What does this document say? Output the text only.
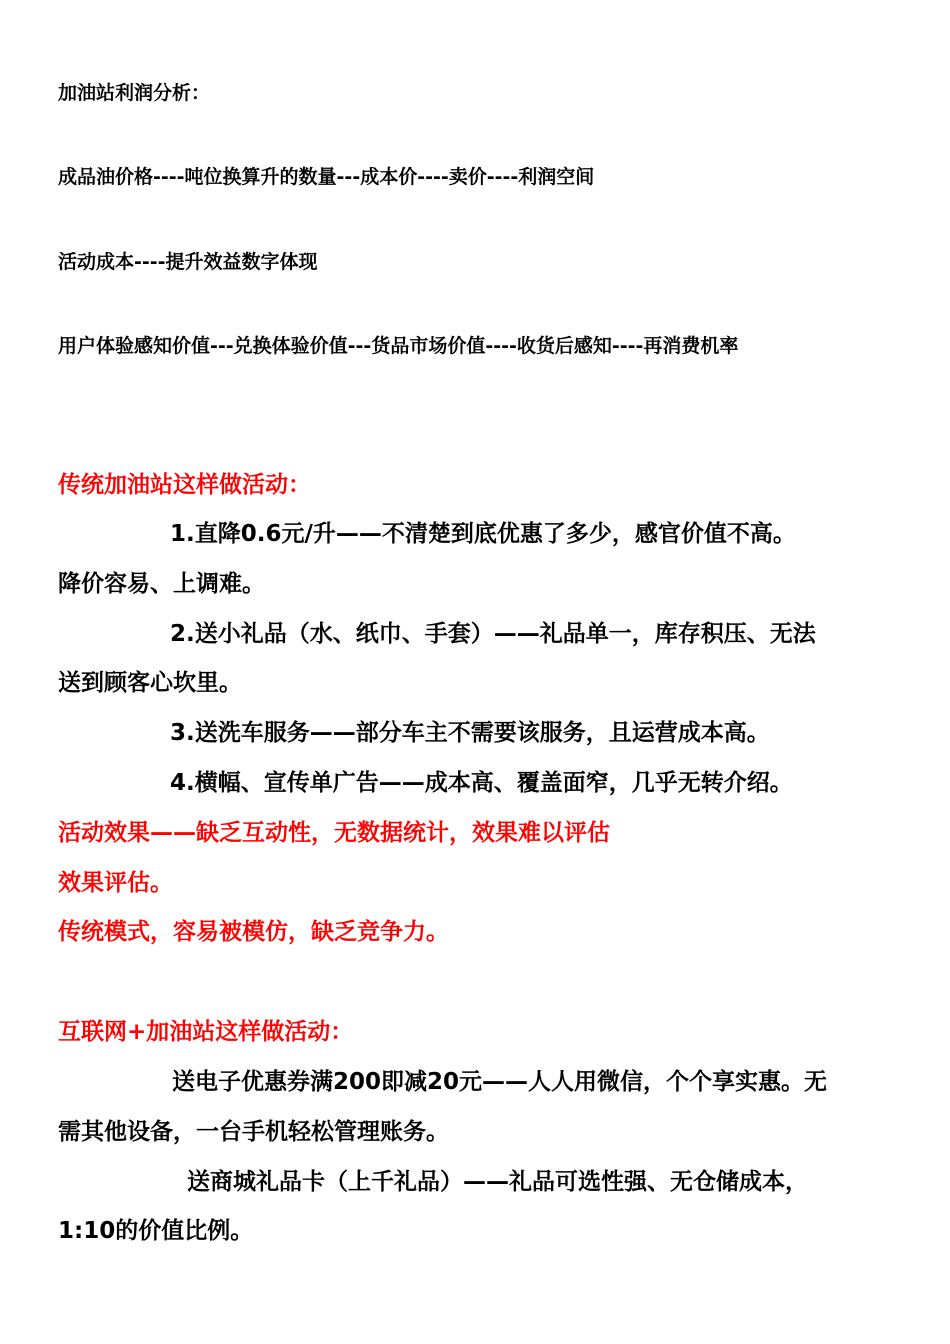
加油站利润分析：
成品油价格----吨位换算升的数量---成本价----卖价----利润空间
活动成本----提升效益数字体现
用户体验感知价值---兑换体验价值---货品市场价值----收货后感知----再消费机率
传统加油站这样做活动：
1.直降0.6元/升——不清楚到底优惠了多少，感官价值不高。
降价容易、上调难。
2.送小礼品（水、纸巾、手套）——礼品单一，库存积压、无法
送到顾客心坎里。
3.送洗车服务——部分车主不需要该服务，且运营成本高。
4.横幅、宣传单广告——成本高、覆盖面窄，几乎无转介绍。
活动效果——缺乏互动性，无数据统计，效果难以评估
效果评估。
传统模式，容易被模仿，缺乏竞争力。
互联网+加油站这样做活动：
送电子优惠券满200即减20元——人人用微信，个个享实惠。无
需其他设备，一台手机轻松管理账务。
送商城礼品卡（上千礼品）——礼品可选性强、无仓储成本，
1:10的价值比例。
